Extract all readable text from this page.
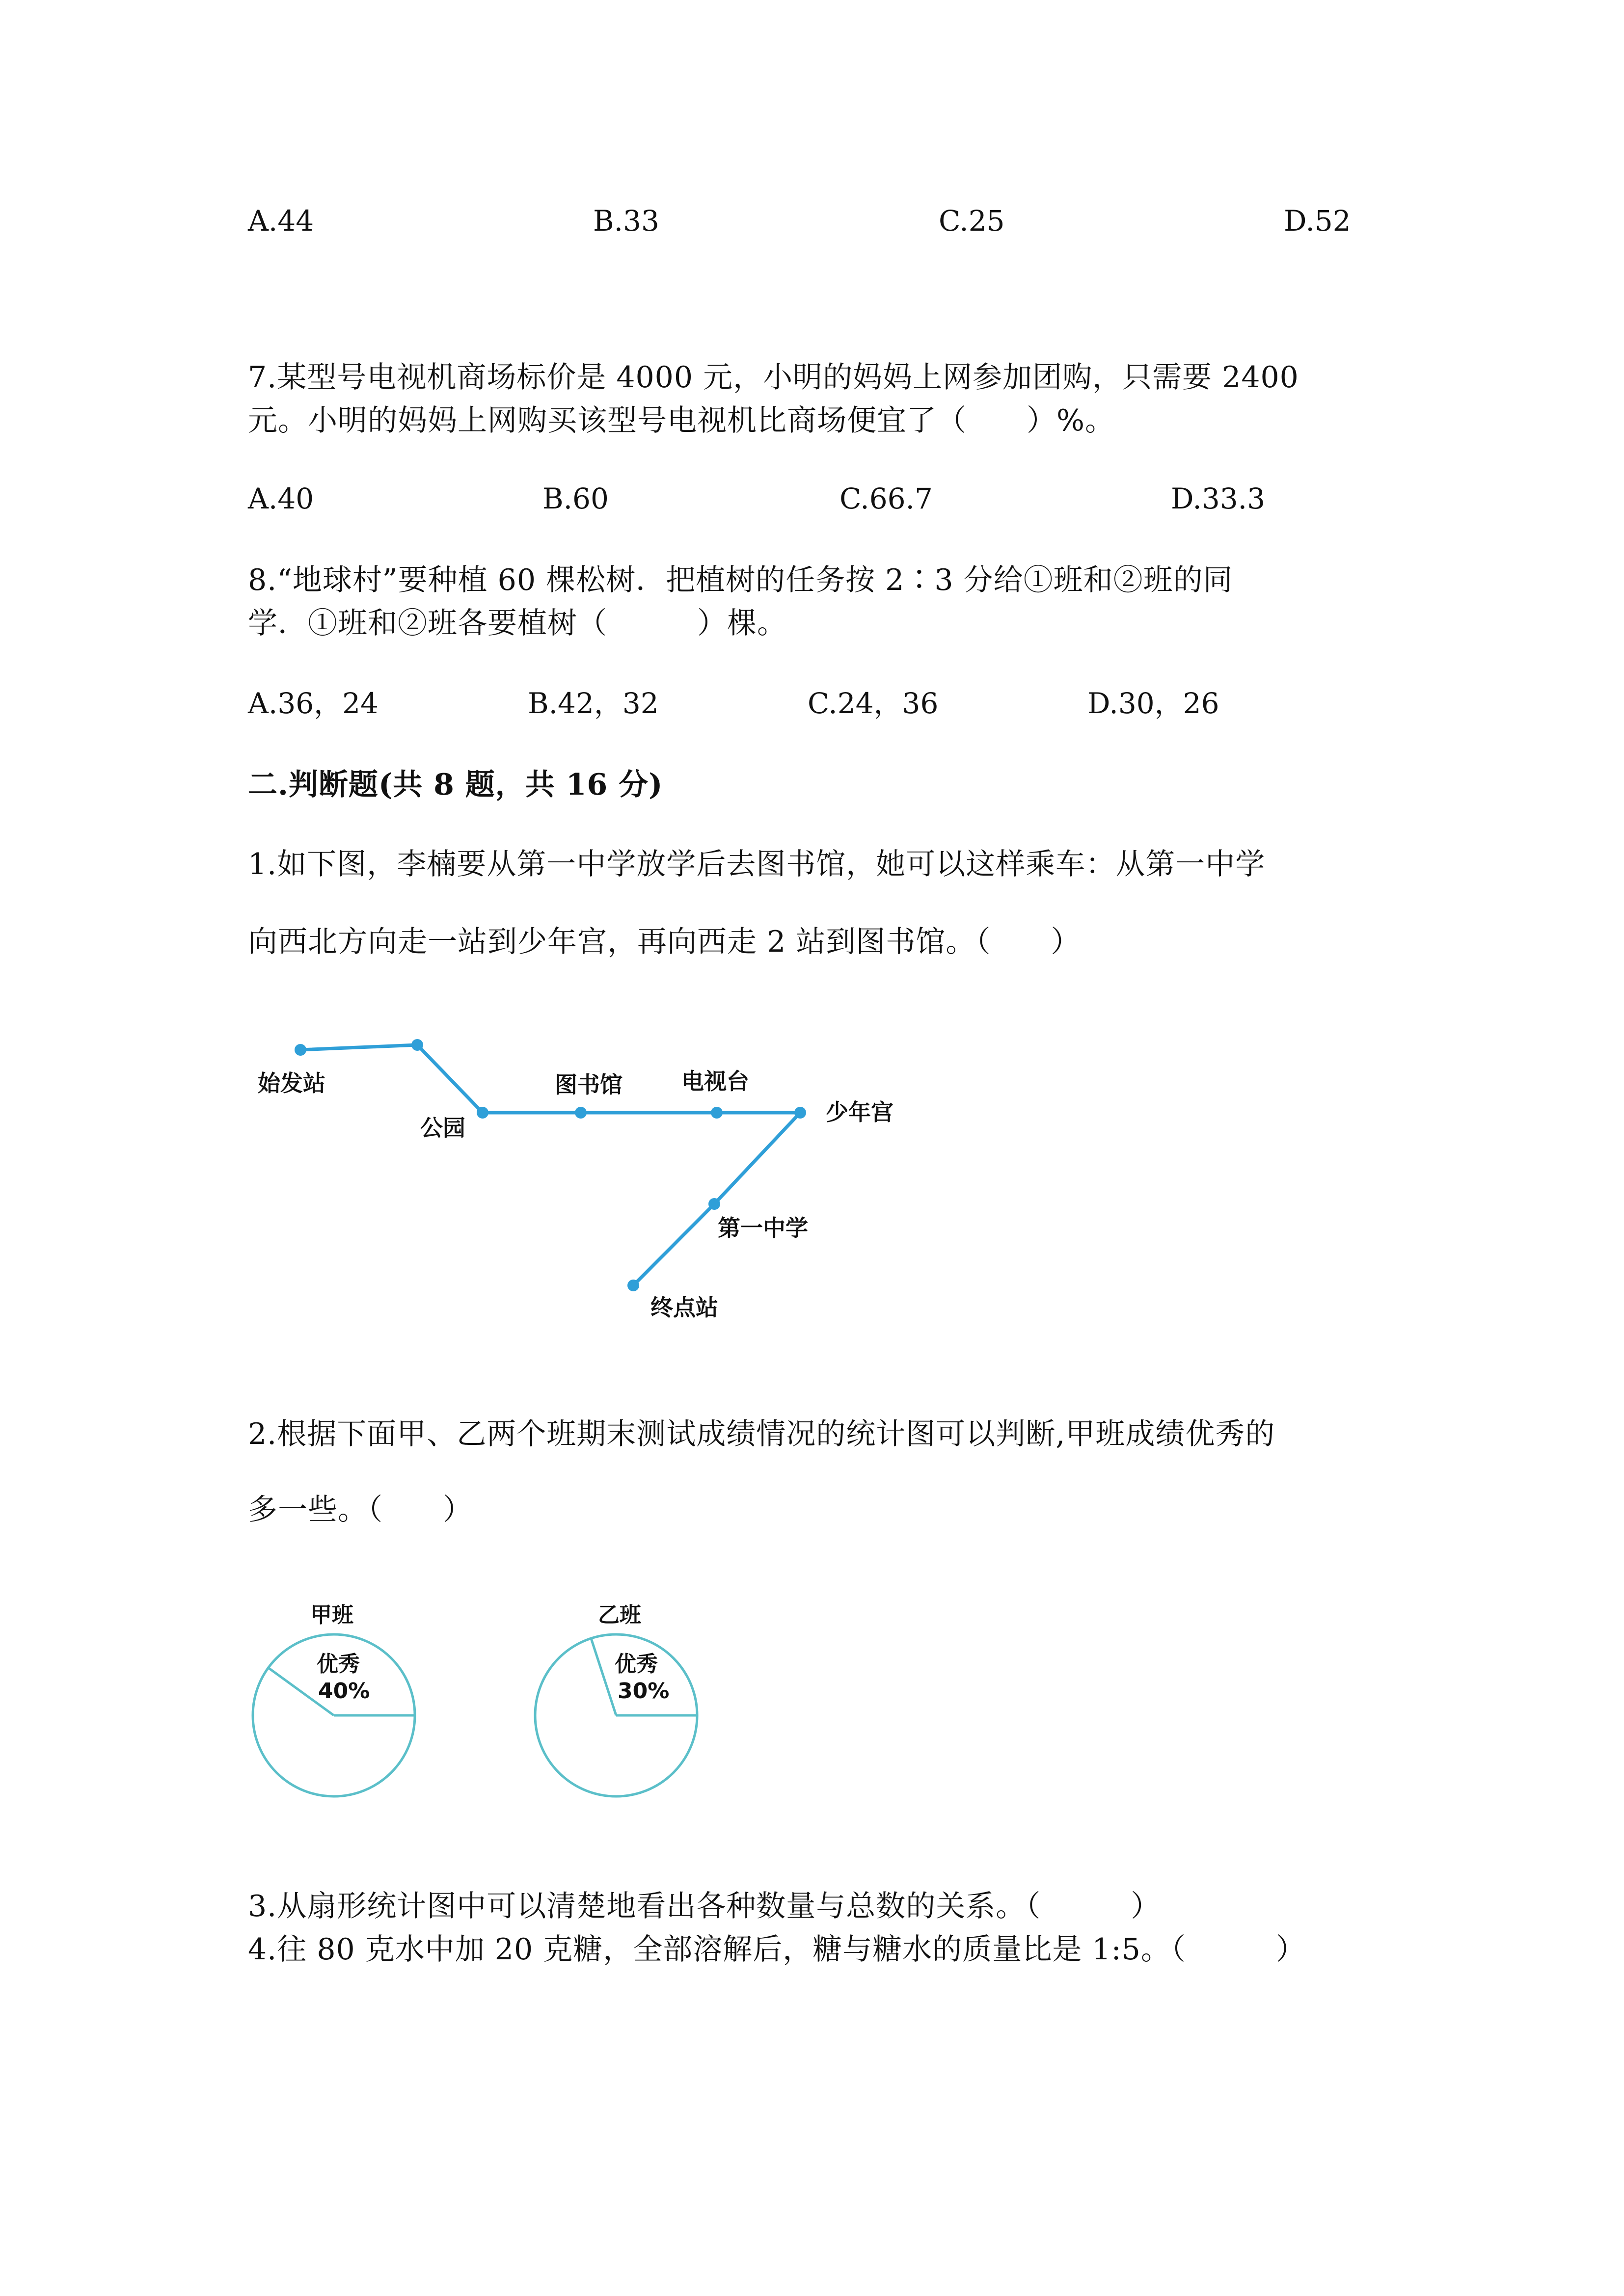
A.44	B.33	C.25	D.52
7.某型号电视机商场标价是 4000 元，小明的妈妈上网参加团购，只需要 2400
元。小明的妈妈上网购买该型号电视机比商场便宜了（　　）%。
A.40	B.60	C.66.7	D.33.3
8.“地球村”要种植 60 棵松树．把植树的任务按 2∶3 分给①班和②班的同
学．①班和②班各要植树（　　　）棵。
A.36，24	B.42，32	C.24，36	D.30，26
二.判断题(共 8 题，共 16 分)
1.如下图，李楠要从第一中学放学后去图书馆，她可以这样乘车：从第一中学
向西北方向走一站到少年宫，再向西走 2 站到图书馆。（　　）
始发站
公园
图书馆	电视台
少年宫
第一中学
终点站
2.根据下面甲、乙两个班期末测试成绩情况的统计图可以判断,甲班成绩优秀的
多一些。（　　）
甲班
优秀
40%
乙班
优秀
30%
3.从扇形统计图中可以清楚地看出各种数量与总数的关系。（　　　）
4.往 80 克水中加 20 克糖，全部溶解后，糖与糖水的质量比是 1:5。（　　　）
